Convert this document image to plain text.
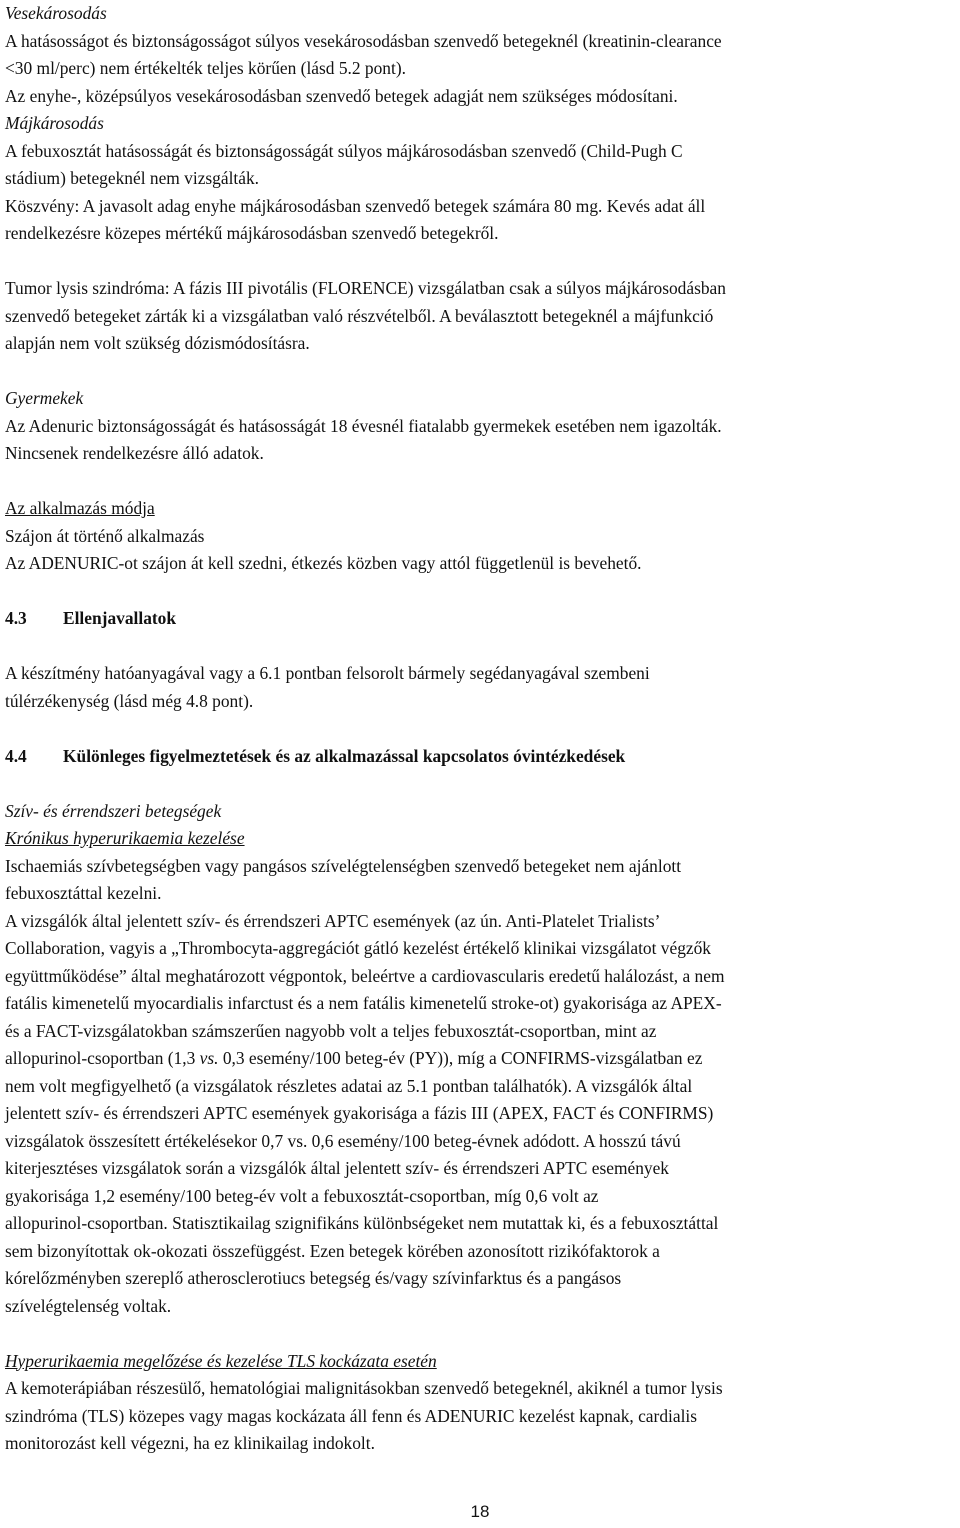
Vesekárosodás

A hatásosságot és biztonságosságot súlyos vesekárosodásban szenvedő betegeknél (kreatinin-clearance

<30 ml/perc) nem értékelték teljes körűen (lásd 5.2 pont).

Az enyhe-, középsúlyos vesekárosodásban szenvedő betegek adagját nem szükséges módosítani.

Májkárosodás

A febuxosztát hatásosságát és biztonságosságát súlyos májkárosodásban szenvedő (Child-Pugh C

stádium) betegeknél nem vizsgálták.

Köszvény: A javasolt adag enyhe májkárosodásban szenvedő betegek számára 80 mg. Kevés adat áll

rendelkezésre közepes mértékű májkárosodásban szenvedő betegekről.

Tumor lysis szindróma: A fázis III pivotális (FLORENCE) vizsgálatban csak a súlyos májkárosodásban

szenvedő betegeket zárták ki a vizsgálatban való részvételből. A beválasztott betegeknél a májfunkció

alapján nem volt szükség dózismódosításra.

Gyermekek

Az Adenuric biztonságosságát és hatásosságát 18 évesnél fiatalabb gyermekek esetében nem igazolták.

Nincsenek rendelkezésre álló adatok.

Az alkalmazás módja

Szájon át történő alkalmazás

Az ADENURIC-ot szájon át kell szedni, étkezés közben vagy attól függetlenül is bevehető.

4.3 Ellenjavallatok

A készítmény hatóanyagával vagy a 6.1 pontban felsorolt bármely segédanyagával szembeni

túlérzékenység (lásd még 4.8 pont).

4.4 Különleges figyelmeztetések és az alkalmazással kapcsolatos óvintézkedések

Szív- és érrendszeri betegségek

Krónikus hyperurikaemia kezelése

Ischaemiás szívbetegségben vagy pangásos szívelégtelenségben szenvedő betegeket nem ajánlott

febuxosztáttal kezelni.

A vizsgálók által jelentett szív- és érrendszeri APTC események (az ún. Anti-Platelet Trialists’

Collaboration, vagyis a „Thrombocyta-aggregációt gátló kezelést értékelő klinikai vizsgálatot végzők

együttműködése” által meghatározott végpontok, beleértve a cardiovascularis eredetű halálozást, a nem

fatális kimenetelű myocardialis infarctust és a nem fatális kimenetelű stroke-ot) gyakorisága az APEX-

és a FACT-vizsgálatokban számszerűen nagyobb volt a teljes febuxosztát-csoportban, mint az

allopurinol-csoportban (1,3 vs. 0,3 esemény/100 beteg-év (PY)), míg a CONFIRMS-vizsgálatban ez

nem volt megfigyelhető (a vizsgálatok részletes adatai az 5.1 pontban találhatók). A vizsgálók által

jelentett szív- és érrendszeri APTC események gyakorisága a fázis III (APEX, FACT és CONFIRMS)

vizsgálatok összesített értékelésekor 0,7 vs. 0,6 esemény/100 beteg-évnek adódott. A hosszú távú

kiterjesztéses vizsgálatok során a vizsgálók által jelentett szív- és érrendszeri APTC események

gyakorisága 1,2 esemény/100 beteg-év volt a febuxosztát-csoportban, míg 0,6 volt az

allopurinol-csoportban. Statisztikailag szignifikáns különbségeket nem mutattak ki, és a febuxosztáttal

sem bizonyítottak ok-okozati összefüggést. Ezen betegek körében azonosított rizikófaktorok a

kórelőzményben szereplő atherosclerotiucs betegség és/vagy szívinfarktus és a pangásos

szívelégtelenség voltak.

Hyperurikaemia megelőzése és kezelése TLS kockázata esetén

A kemoterápiában részesülő, hematológiai malignitásokban szenvedő betegeknél, akiknél a tumor lysis

szindróma (TLS) közepes vagy magas kockázata áll fenn és ADENURIC kezelést kapnak, cardialis

monitorozást kell végezni, ha ez klinikailag indokolt.

18
